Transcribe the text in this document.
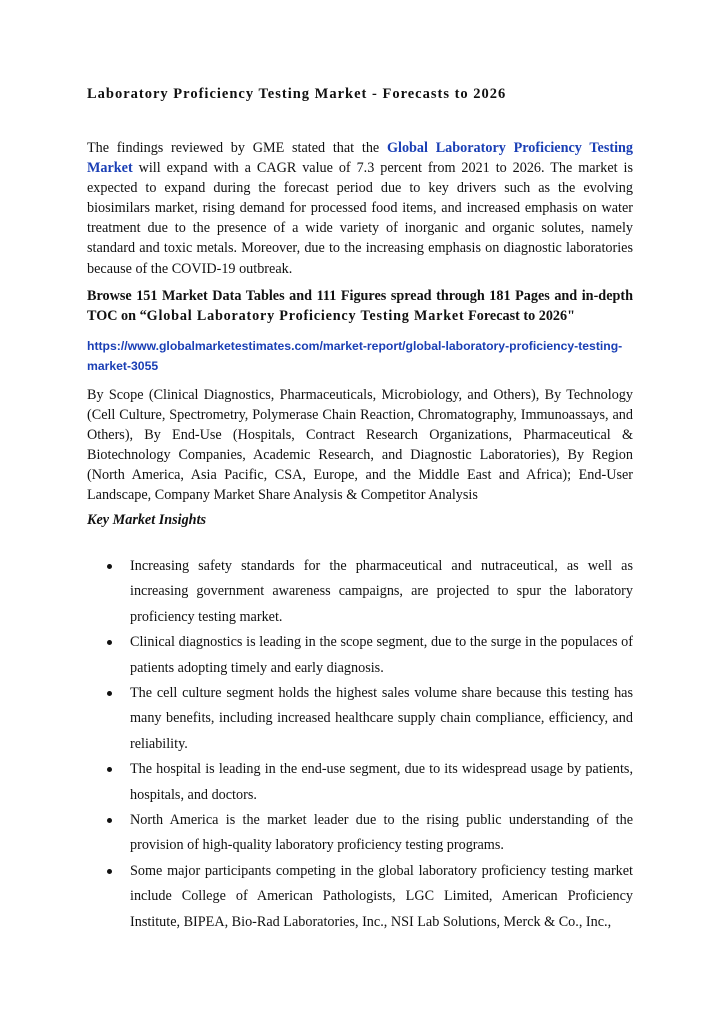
Laboratory Proficiency Testing Market - Forecasts to 2026

The findings reviewed by GME stated that the Global Laboratory Proficiency Testing Market will expand with a CAGR value of 7.3 percent from 2021 to 2026. The market is expected to expand during the forecast period due to key drivers such as the evolving biosimilars market, rising demand for processed food items, and increased emphasis on water treatment due to the presence of a wide variety of inorganic and organic solutes, namely standard and toxic metals. Moreover, due to the increasing emphasis on diagnostic laboratories because of the COVID-19 outbreak.

Browse 151 Market Data Tables and 111 Figures spread through 181 Pages and in-depth TOC on “Global Laboratory Proficiency Testing Market Forecast to 2026"

https://www.globalmarketestimates.com/market-report/global-laboratory-proficiency-testing-market-3055

By Scope (Clinical Diagnostics, Pharmaceuticals, Microbiology, and Others), By Technology (Cell Culture, Spectrometry, Polymerase Chain Reaction, Chromatography, Immunoassays, and Others), By End-Use (Hospitals, Contract Research Organizations, Pharmaceutical & Biotechnology Companies, Academic Research, and Diagnostic Laboratories), By Region (North America, Asia Pacific, CSA, Europe, and the Middle East and Africa); End-User Landscape, Company Market Share Analysis & Competitor Analysis

Key Market Insights

Increasing safety standards for the pharmaceutical and nutraceutical, as well as increasing government awareness campaigns, are projected to spur the laboratory proficiency testing market.
Clinical diagnostics is leading in the scope segment, due to the surge in the populaces of patients adopting timely and early diagnosis.
The cell culture segment holds the highest sales volume share because this testing has many benefits, including increased healthcare supply chain compliance, efficiency, and reliability.
The hospital is leading in the end-use segment, due to its widespread usage by patients, hospitals, and doctors.
North America is the market leader due to the rising public understanding of the provision of high-quality laboratory proficiency testing programs.
Some major participants competing in the global laboratory proficiency testing market include College of American Pathologists, LGC Limited, American Proficiency Institute, BIPEA, Bio-Rad Laboratories, Inc., NSI Lab Solutions, Merck & Co., Inc.,
